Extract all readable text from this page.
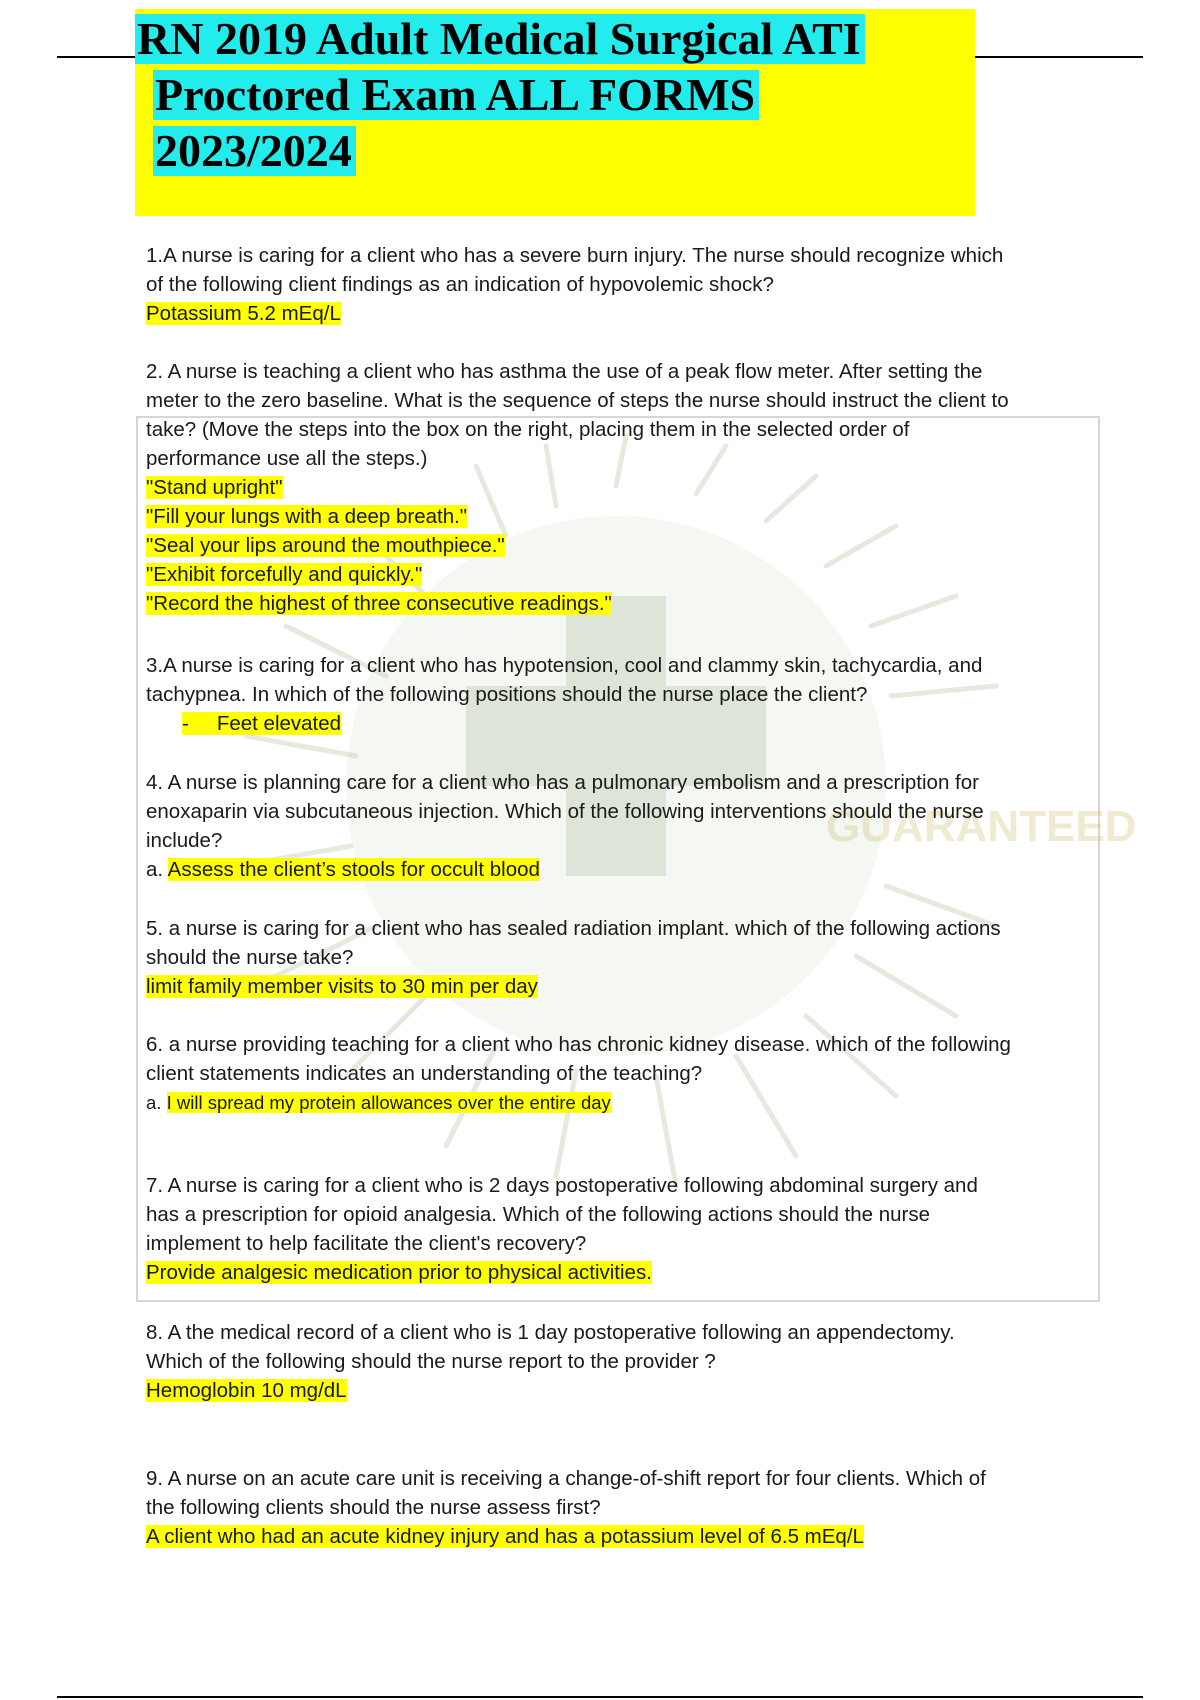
RN 2019 Adult Medical Surgical ATI
Proctored Exam ALL FORMS
2023/2024
GUARANTEED

1.A nurse is caring for a client who has a severe burn injury. The nurse should recognize which

of the following client findings as an indication of hypovolemic shock?

Potassium 5.2 mEq/L

2. A nurse is teaching a client who has asthma the use of a peak flow meter. After setting the

meter to the zero baseline. What is the sequence of steps the nurse should instruct the client to

take? (Move the steps into the box on the right, placing them in the selected order of

performance use all the steps.)

"Stand upright"

"Fill your lungs with a deep breath."

"Seal your lips around the mouthpiece."

"Exhibit forcefully and quickly."

"Record the highest of three consecutive readings."

3.A nurse is caring for a client who has hypotension, cool and clammy skin, tachycardia, and

tachypnea. In which of the following positions should the nurse place the client?

- Feet elevated

4. A nurse is planning care for a client who has a pulmonary embolism and a prescription for

enoxaparin via subcutaneous injection. Which of the following interventions should the nurse

include?

a. Assess the client’s stools for occult blood

5. a nurse is caring for a client who has sealed radiation implant. which of the following actions

should the nurse take?

limit family member visits to 30 min per day

6. a nurse providing teaching for a client who has chronic kidney disease. which of the following

client statements indicates an understanding of the teaching?

a. I will spread my protein allowances over the entire day

7. A nurse is caring for a client who is 2 days postoperative following abdominal surgery and

has a prescription for opioid analgesia. Which of the following actions should the nurse

implement to help facilitate the client's recovery?

Provide analgesic medication prior to physical activities.

8. A the medical record of a client who is 1 day postoperative following an appendectomy.

Which of the following should the nurse report to the provider ?

Hemoglobin 10 mg/dL

9. A nurse on an acute care unit is receiving a change-of-shift report for four clients. Which of

the following clients should the nurse assess first?

A client who had an acute kidney injury and has a potassium level of 6.5 mEq/L
